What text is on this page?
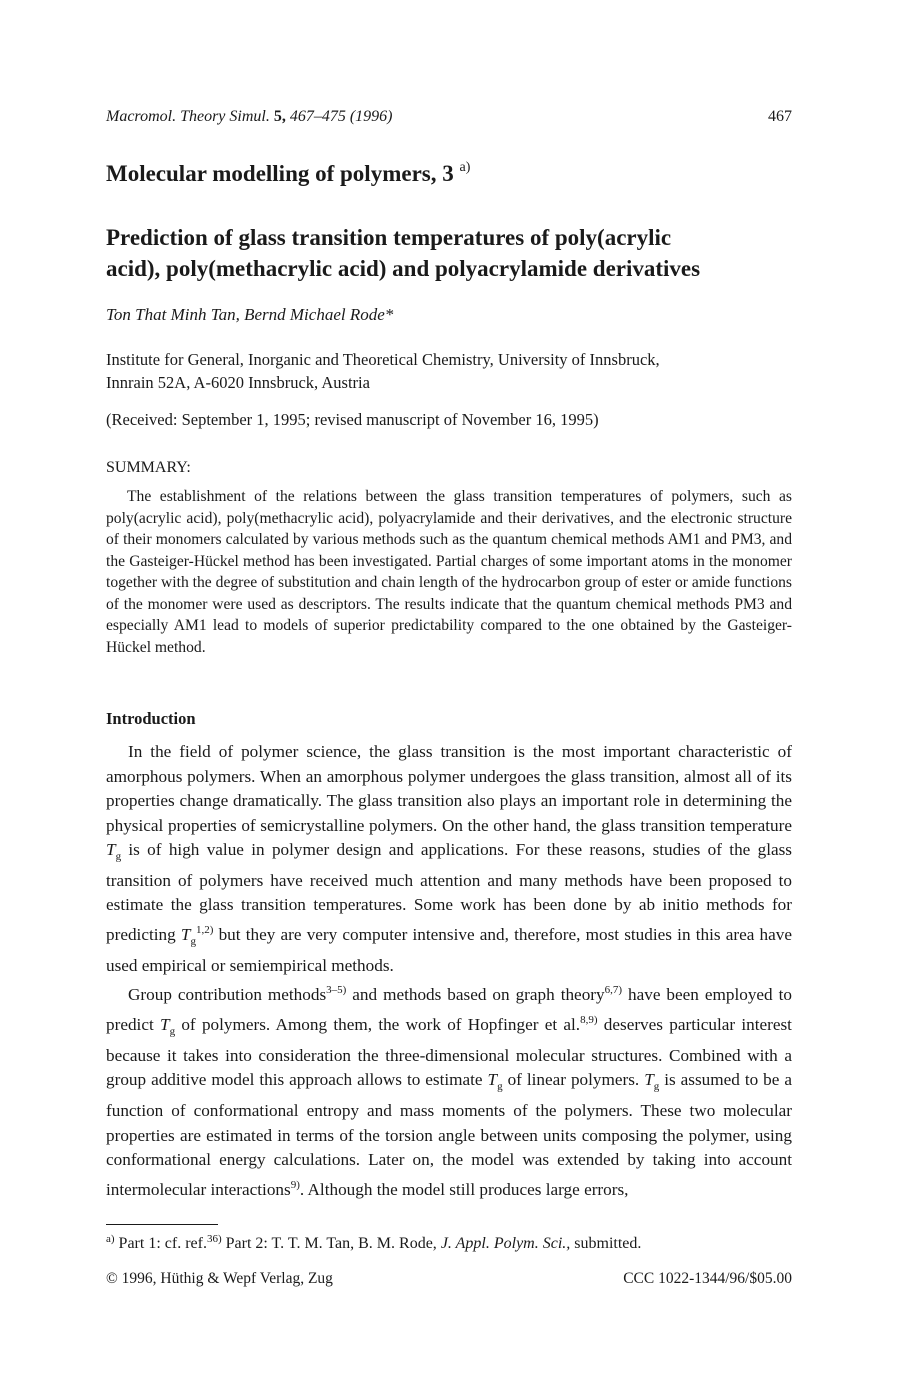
Macromol. Theory Simul. 5, 467–475 (1996)	467
Molecular modelling of polymers, 3 $^{a)}$
Prediction of glass transition temperatures of poly(acrylic
acid), poly(methacrylic acid) and polyacrylamide derivatives
Ton That Minh Tan, Bernd Michael Rode*
Institute for General, Inorganic and Theoretical Chemistry, University of Innsbruck,
Innrain 52A, A-6020 Innsbruck, Austria
(Received: September 1, 1995; revised manuscript of November 16, 1995)
SUMMARY:
The establishment of the relations between the glass transition temperatures of polymers, such as poly(acrylic acid), poly(methacrylic acid), polyacrylamide and their derivatives, and the electronic structure of their monomers calculated by various methods such as the quantum chemical methods AM1 and PM3, and the Gasteiger-Hückel method has been investigated. Partial charges of some important atoms in the monomer together with the degree of substitution and chain length of the hydrocarbon group of ester or amide functions of the monomer were used as descriptors. The results indicate that the quantum chemical methods PM3 and especially AM1 lead to models of superior predictability compared to the one obtained by the Gasteiger-Hückel method.
Introduction

In the field of polymer science, the glass transition is the most important characteristic of amorphous polymers. When an amorphous polymer undergoes the glass transition, almost all of its properties change dramatically. The glass transition also plays an important role in determining the physical properties of semicrystalline polymers. On the other hand, the glass transition temperature $T_g$ is of high value in polymer design and applications. For these reasons, studies of the glass transition of polymers have received much attention and many methods have been proposed to estimate the glass transition temperatures. Some work has been done by ab initio methods for predicting $T_g^{1,2)}$ but they are very computer intensive and, therefore, most studies in this area have used empirical or semiempirical methods.

Group contribution methods$^{3-5)}$ and methods based on graph theory$^{6,7)}$ have been employed to predict $T_g$ of polymers. Among them, the work of Hopfinger et al.$^{8,9)}$ deserves particular interest because it takes into consideration the three-dimensional molecular structures. Combined with a group additive model this approach allows to estimate $T_g$ of linear polymers. $T_g$ is assumed to be a function of conformational entropy and mass moments of the polymers. These two molecular properties are estimated in terms of the torsion angle between units composing the polymer, using conformational energy calculations. Later on, the model was extended by taking into account intermolecular interactions$^{9)}$. Although the model still produces large errors,

$^{a)}$ Part 1: cf. ref.$^{36)}$ Part 2: T. T. M. Tan, B. M. Rode, J. Appl. Polym. Sci., submitted.
© 1996, Hüthig & Wepf Verlag, Zug	CCC 1022-1344/96/$05.00
